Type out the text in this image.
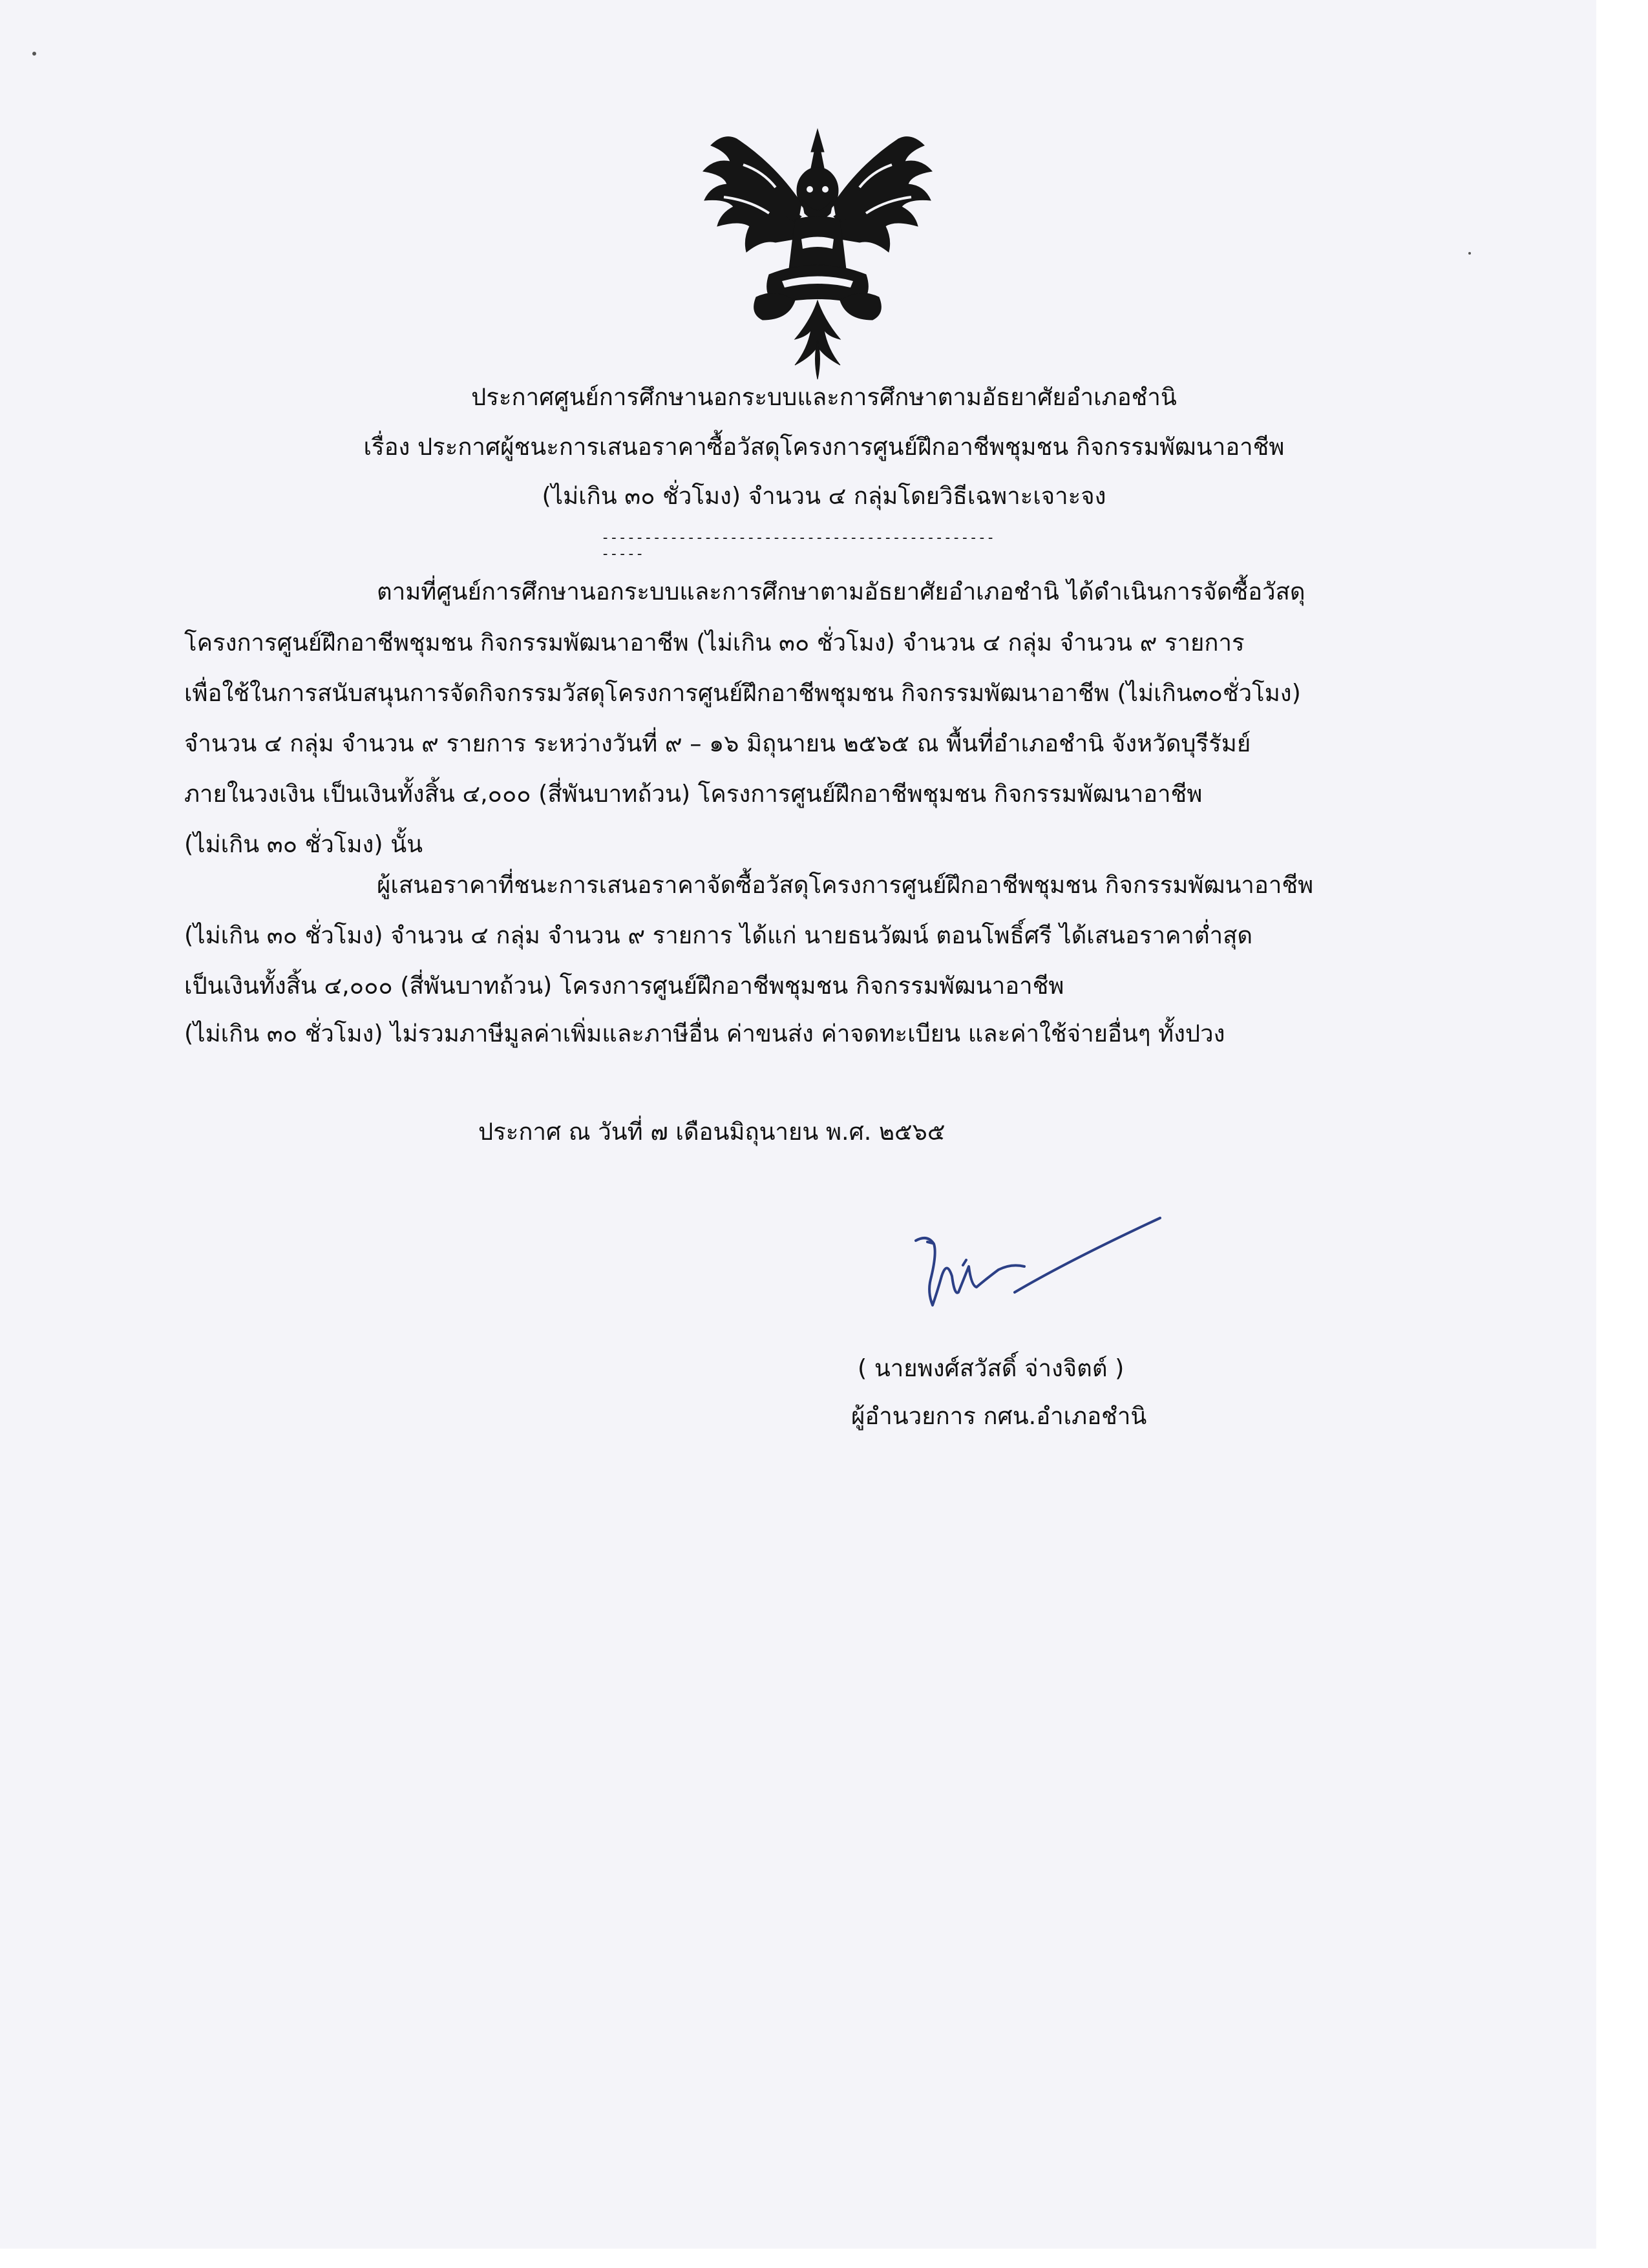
ประกาศศูนย์การศึกษานอกระบบและการศึกษาตามอัธยาศัยอำเภอชำนิ
เรื่อง ประกาศผู้ชนะการเสนอราคาซื้อวัสดุโครงการศูนย์ฝึกอาชีพชุมชน กิจกรรมพัฒนาอาชีพ
(ไม่เกิน ๓๐ ชั่วโมง) จำนวน ๔ กลุ่มโดยวิธีเฉพาะเจาะจง
---------------------------------------------------
ตามที่ศูนย์การศึกษานอกระบบและการศึกษาตามอัธยาศัยอำเภอชำนิ ได้ดำเนินการจัดซื้อวัสดุ
โครงการศูนย์ฝึกอาชีพชุมชน กิจกรรมพัฒนาอาชีพ (ไม่เกิน ๓๐ ชั่วโมง) จำนวน ๔ กลุ่ม จำนวน ๙ รายการ
เพื่อใช้ในการสนับสนุนการจัดกิจกรรมวัสดุโครงการศูนย์ฝึกอาชีพชุมชน กิจกรรมพัฒนาอาชีพ (ไม่เกิน๓๐ชั่วโมง)
จำนวน ๔ กลุ่ม จำนวน ๙ รายการ ระหว่างวันที่ ๙ – ๑๖ มิถุนายน ๒๕๖๕ ณ พื้นที่อำเภอชำนิ จังหวัดบุรีรัมย์
ภายในวงเงิน เป็นเงินทั้งสิ้น ๔,๐๐๐ (สี่พันบาทถ้วน) โครงการศูนย์ฝึกอาชีพชุมชน กิจกรรมพัฒนาอาชีพ
(ไม่เกิน ๓๐ ชั่วโมง) นั้น
ผู้เสนอราคาที่ชนะการเสนอราคาจัดซื้อวัสดุโครงการศูนย์ฝึกอาชีพชุมชน กิจกรรมพัฒนาอาชีพ
(ไม่เกิน ๓๐ ชั่วโมง) จำนวน ๔ กลุ่ม จำนวน ๙ รายการ ได้แก่ นายธนวัฒน์ ตอนโพธิ์ศรี ได้เสนอราคาต่ำสุด
เป็นเงินทั้งสิ้น ๔,๐๐๐ (สี่พันบาทถ้วน) โครงการศูนย์ฝึกอาชีพชุมชน กิจกรรมพัฒนาอาชีพ
(ไม่เกิน ๓๐ ชั่วโมง) ไม่รวมภาษีมูลค่าเพิ่มและภาษีอื่น ค่าขนส่ง ค่าจดทะเบียน และค่าใช้จ่ายอื่นๆ ทั้งปวง
ประกาศ ณ วันที่ ๗ เดือนมิถุนายน พ.ศ. ๒๕๖๕
( นายพงศ์สวัสดิ์ จ่างจิตต์ )
ผู้อำนวยการ กศน.อำเภอชำนิ
